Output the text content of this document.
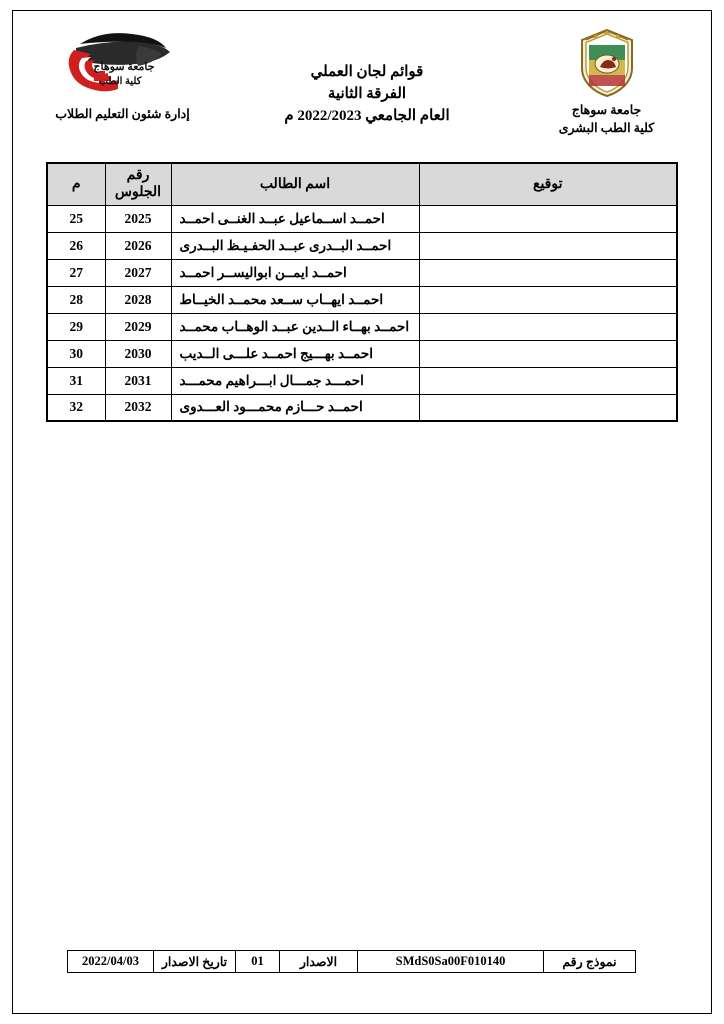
جامعة سوهاج
كلية الطب البشرى
قوائم لجان العملي
الفرقة الثانية
العام الجامعي 2022/2023 م
جامعة سوهاج
كلية الطب
إدارة شئون التعليم الطلاب
توقيع	اسم الطالب	رقم
الجلوس	م
	احمــد اســماعيل عبــد الغنــى احمــد	2025	25
	احمــد البــدرى عبــد الحفـيـظ البــدرى	2026	26
	احمــد ايمــن ابواليســر احمــد	2027	27
	احمــد ايهــاب ســعد محمــد الخيــاط	2028	28
	احمــد بهــاء الــدين عبــد الوهــاب محمــد	2029	29
	احمــد بهـــيج احمــد علـــى الــديب	2030	30
	احمـــد جمـــال ابـــراهيم محمـــد	2031	31
	احمــد حـــازم محمـــود العـــدوى	2032	32
نموذج رقم	SMdS0Sa00F010140	الاصدار	01	تاريخ الاصدار	2022/04/03
